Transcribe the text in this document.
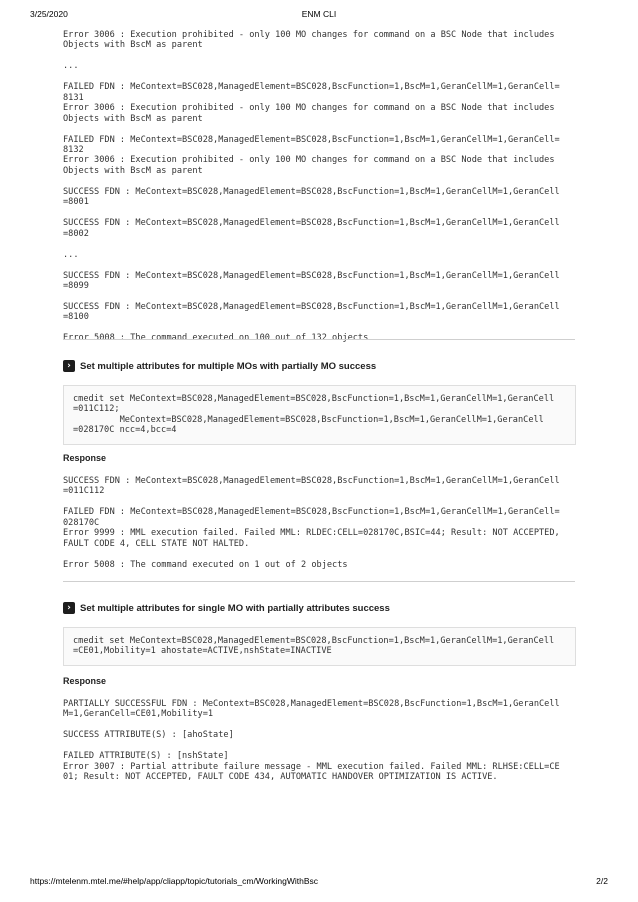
3/25/2020	ENM CLI
Error 3006 : Execution prohibited - only 100 MO changes for command on a BSC Node that includes
Objects with BscM as parent
...
FAILED FDN : MeContext=BSC028,ManagedElement=BSC028,BscFunction=1,BscM=1,GeranCellM=1,GeranCell=
8131
Error 3006 : Execution prohibited - only 100 MO changes for command on a BSC Node that includes
Objects with BscM as parent
FAILED FDN : MeContext=BSC028,ManagedElement=BSC028,BscFunction=1,BscM=1,GeranCellM=1,GeranCell=
8132
Error 3006 : Execution prohibited - only 100 MO changes for command on a BSC Node that includes
Objects with BscM as parent
SUCCESS FDN : MeContext=BSC028,ManagedElement=BSC028,BscFunction=1,BscM=1,GeranCellM=1,GeranCell
=8001
SUCCESS FDN : MeContext=BSC028,ManagedElement=BSC028,BscFunction=1,BscM=1,GeranCellM=1,GeranCell
=8002
...
SUCCESS FDN : MeContext=BSC028,ManagedElement=BSC028,BscFunction=1,BscM=1,GeranCellM=1,GeranCell
=8099
SUCCESS FDN : MeContext=BSC028,ManagedElement=BSC028,BscFunction=1,BscM=1,GeranCellM=1,GeranCell
=8100
› Set multiple attributes for multiple MOs with partially MO success
cmedit set MeContext=BSC028,ManagedElement=BSC028,BscFunction=1,BscM=1,GeranCellM=1,GeranCell
=011C112;
MeContext=BSC028,ManagedElement=BSC028,BscFunction=1,BscM=1,GeranCellM=1,GeranCell
=028170C ncc=4,bcc=4
Response
SUCCESS FDN : MeContext=BSC028,ManagedElement=BSC028,BscFunction=1,BscM=1,GeranCellM=1,GeranCell
=011C112
FAILED FDN : MeContext=BSC028,ManagedElement=BSC028,BscFunction=1,BscM=1,GeranCellM=1,GeranCell=
028170C
Error 9999 : MML execution failed. Failed MML: RLDEC:CELL=028170C,BSIC=44; Result: NOT ACCEPTED,
FAULT CODE 4, CELL STATE NOT HALTED.
Error 5008 : The command executed on 1 out of 2 objects
› Set multiple attributes for single MO with partially attributes success
cmedit set MeContext=BSC028,ManagedElement=BSC028,BscFunction=1,BscM=1,GeranCellM=1,GeranCell
=CE01,Mobility=1 ahostate=ACTIVE,nshState=INACTIVE
Response
PARTIALLY SUCCESSFUL FDN : MeContext=BSC028,ManagedElement=BSC028,BscFunction=1,BscM=1,GeranCell
M=1,GeranCell=CE01,Mobility=1
SUCCESS ATTRIBUTE(S) : [ahoState]
FAILED ATTRIBUTE(S) : [nshState]
Error 3007 : Partial attribute failure message - MML execution failed. Failed MML: RLHSE:CELL=CE
01; Result: NOT ACCEPTED, FAULT CODE 434, AUTOMATIC HANDOVER OPTIMIZATION IS ACTIVE.
https://mtelenm.mtel.me/#help/app/cliapp/topic/tutorials_cm/WorkingWithBsc	2/2
